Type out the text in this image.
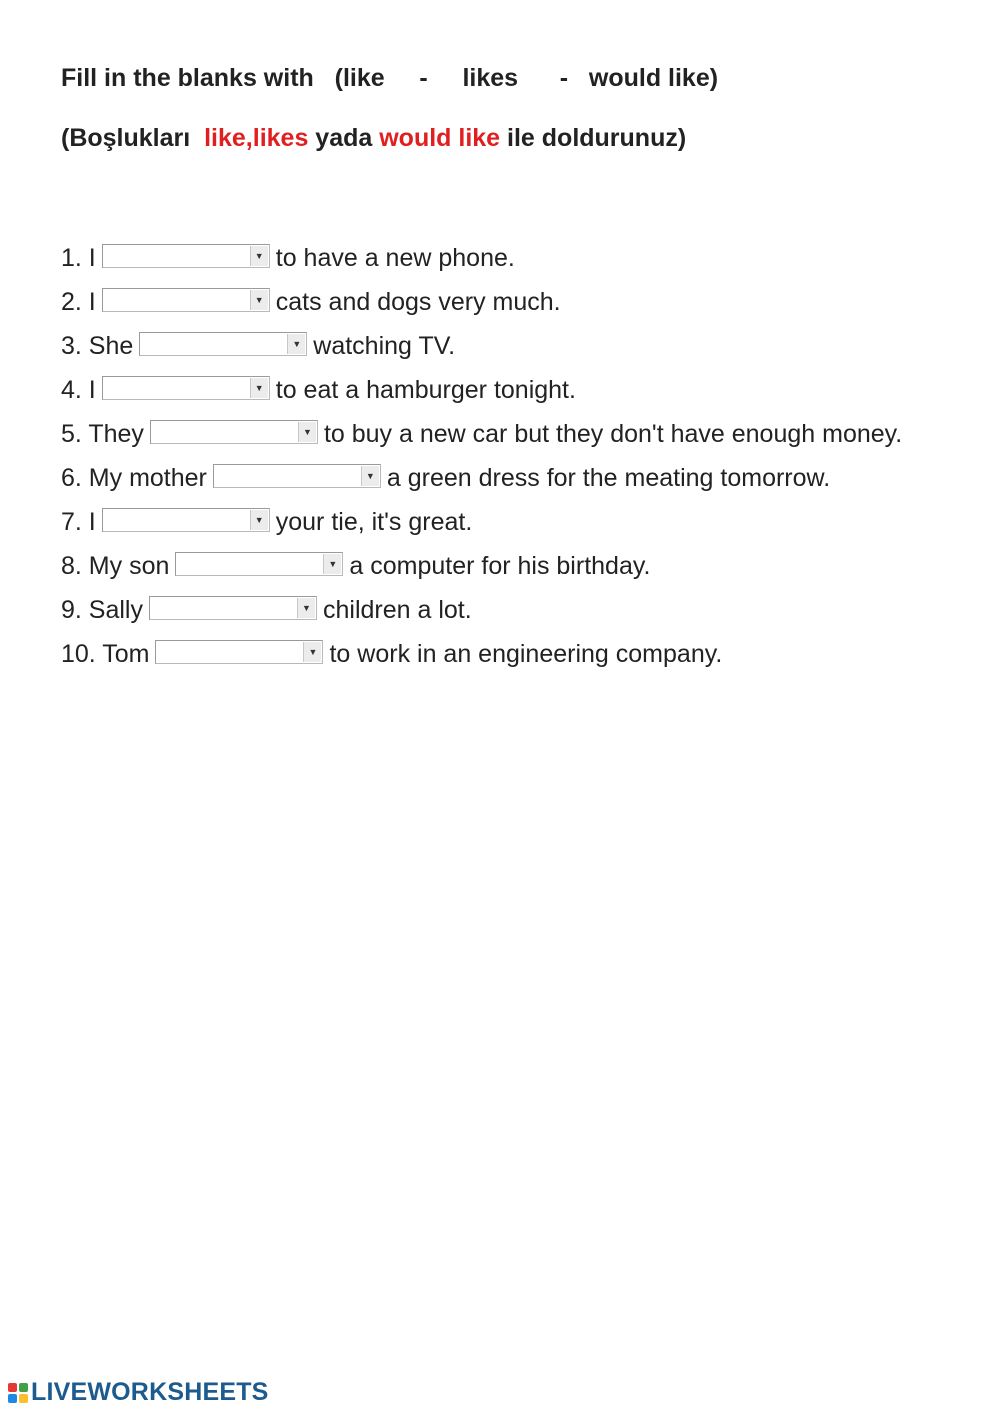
Fill in the blanks with   (like     -     likes      -   would like)
(Boşlukları  like,likes yada would like ile doldurunuz)
1. I	▼ to have a new phone.
2. I	▼ cats and dogs very much.
3. She	▼ watching TV.
4. I	▼ to eat a hamburger tonight.
5. They	▼ to buy a new car but they don't have enough money.
6. My mother	▼ a green dress for the meating tomorrow.
7. I	▼ your tie, it's great.
8. My son	▼ a computer for his birthday.
9. Sally	▼ children a lot.
10. Tom	▼ to work in an engineering company.
LIVEWORKSHEETS
